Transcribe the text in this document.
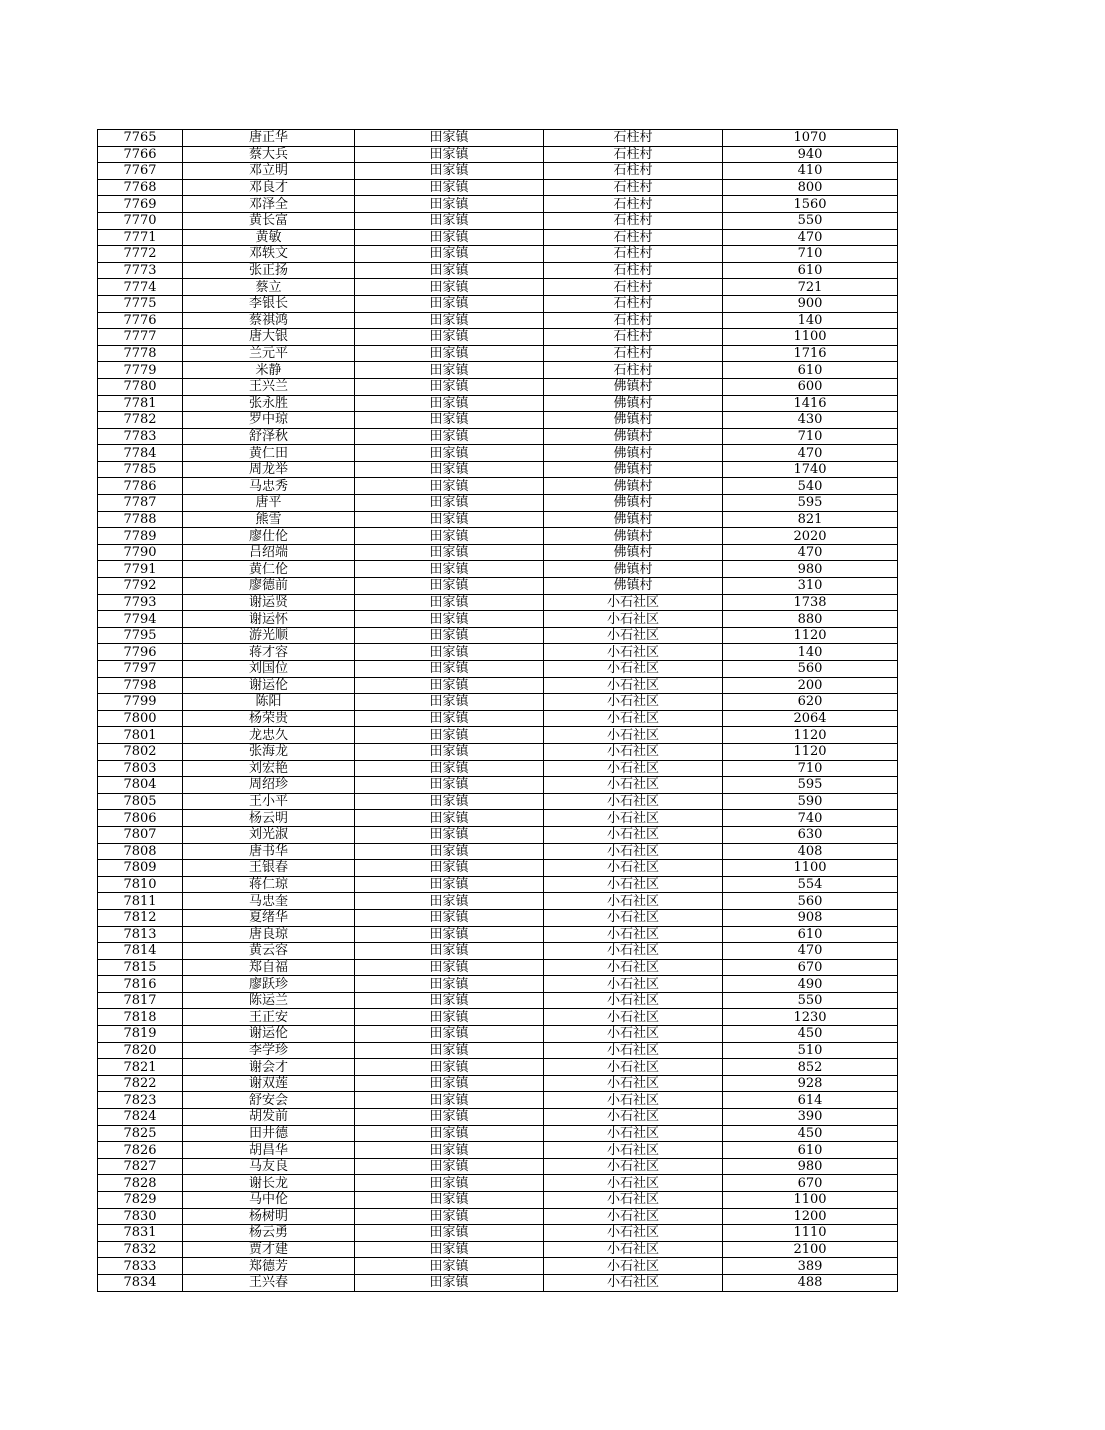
7765	唐正华	田家镇	石柱村	1070
7766	蔡大兵	田家镇	石柱村	940
7767	邓立明	田家镇	石柱村	410
7768	邓良才	田家镇	石柱村	800
7769	邓泽全	田家镇	石柱村	1560
7770	黄长富	田家镇	石柱村	550
7771	黄敏	田家镇	石柱村	470
7772	邓轶文	田家镇	石柱村	710
7773	张正扬	田家镇	石柱村	610
7774	蔡立	田家镇	石柱村	721
7775	李银长	田家镇	石柱村	900
7776	蔡祺鸿	田家镇	石柱村	140
7777	唐大银	田家镇	石柱村	1100
7778	兰元平	田家镇	石柱村	1716
7779	米静	田家镇	石柱村	610
7780	王兴兰	田家镇	佛镇村	600
7781	张永胜	田家镇	佛镇村	1416
7782	罗中琼	田家镇	佛镇村	430
7783	舒泽秋	田家镇	佛镇村	710
7784	黄仁田	田家镇	佛镇村	470
7785	周龙举	田家镇	佛镇村	1740
7786	马忠秀	田家镇	佛镇村	540
7787	唐平	田家镇	佛镇村	595
7788	熊雪	田家镇	佛镇村	821
7789	廖仕伦	田家镇	佛镇村	2020
7790	吕绍端	田家镇	佛镇村	470
7791	黄仁伦	田家镇	佛镇村	980
7792	廖德前	田家镇	佛镇村	310
7793	谢运贤	田家镇	小石社区	1738
7794	谢运怀	田家镇	小石社区	880
7795	游光顺	田家镇	小石社区	1120
7796	蒋才容	田家镇	小石社区	140
7797	刘国位	田家镇	小石社区	560
7798	谢运伦	田家镇	小石社区	200
7799	陈阳	田家镇	小石社区	620
7800	杨荣贵	田家镇	小石社区	2064
7801	龙忠久	田家镇	小石社区	1120
7802	张海龙	田家镇	小石社区	1120
7803	刘宏艳	田家镇	小石社区	710
7804	周绍珍	田家镇	小石社区	595
7805	王小平	田家镇	小石社区	590
7806	杨云明	田家镇	小石社区	740
7807	刘光淑	田家镇	小石社区	630
7808	唐书华	田家镇	小石社区	408
7809	王银春	田家镇	小石社区	1100
7810	蒋仁琼	田家镇	小石社区	554
7811	马忠奎	田家镇	小石社区	560
7812	夏绪华	田家镇	小石社区	908
7813	唐良琼	田家镇	小石社区	610
7814	黄云容	田家镇	小石社区	470
7815	郑自福	田家镇	小石社区	670
7816	廖跃珍	田家镇	小石社区	490
7817	陈运兰	田家镇	小石社区	550
7818	王正安	田家镇	小石社区	1230
7819	谢运伦	田家镇	小石社区	450
7820	李学珍	田家镇	小石社区	510
7821	谢会才	田家镇	小石社区	852
7822	谢双莲	田家镇	小石社区	928
7823	舒安会	田家镇	小石社区	614
7824	胡发前	田家镇	小石社区	390
7825	田井德	田家镇	小石社区	450
7826	胡昌华	田家镇	小石社区	610
7827	马友良	田家镇	小石社区	980
7828	谢长龙	田家镇	小石社区	670
7829	马中伦	田家镇	小石社区	1100
7830	杨树明	田家镇	小石社区	1200
7831	杨云勇	田家镇	小石社区	1110
7832	贾才建	田家镇	小石社区	2100
7833	郑德芳	田家镇	小石社区	389
7834	王兴春	田家镇	小石社区	488
